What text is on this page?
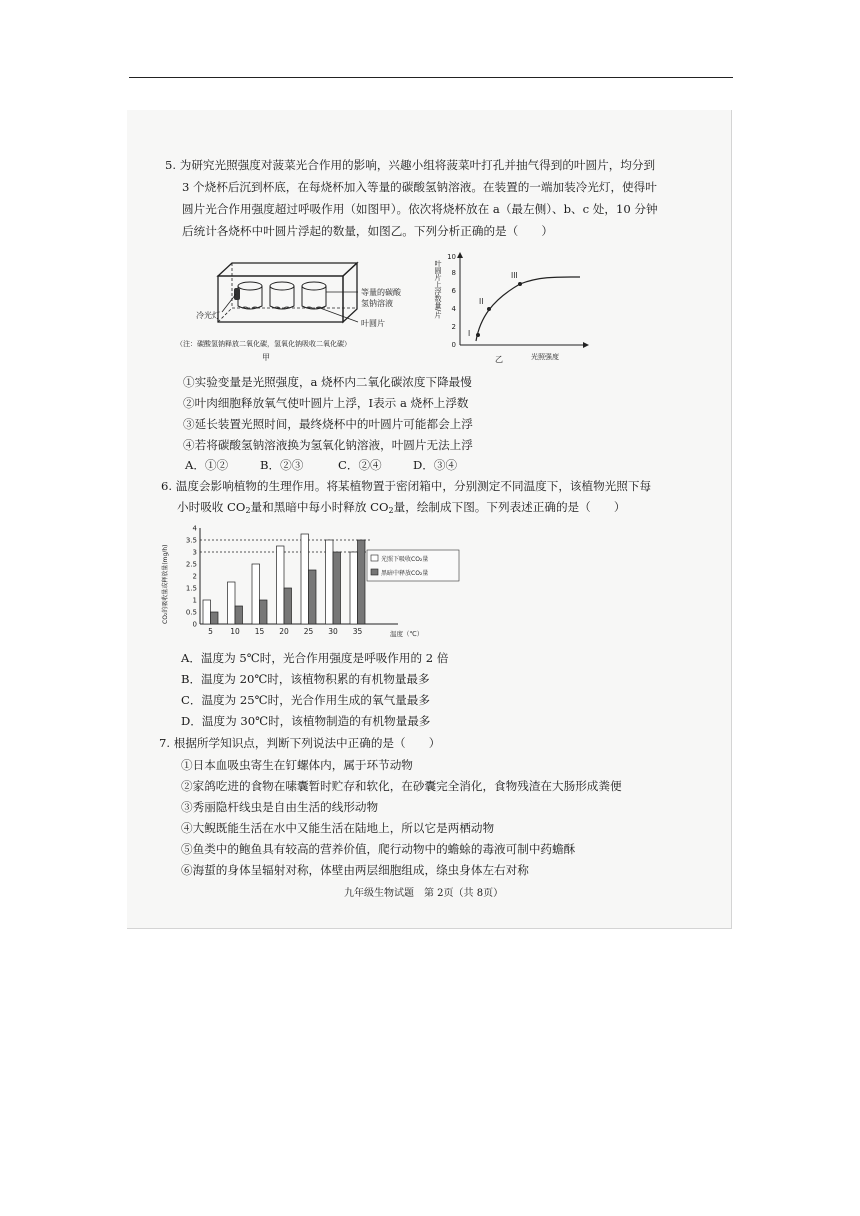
5. 为研究光照强度对菠菜光合作用的影响，兴趣小组将菠菜叶打孔并抽气得到的叶圆片，均分到
3 个烧杯后沉到杯底，在每烧杯加入等量的碳酸氢钠溶液。在装置的一端加装冷光灯，使得叶
圆片光合作用强度超过呼吸作用（如图甲）。依次将烧杯放在 a（最左侧）、b、c 处，10 分钟
后统计各烧杯中叶圆片浮起的数量，如图乙。下列分析正确的是（　　）
冷光灯
等量的碳酸
氢钠溶液
叶圆片
（注：碳酸氢钠释放二氧化碳，氢氧化钠吸收二氧化碳）
甲
0
2
4
6
8
10
I
II
III
光照强度
叶圆片上浮数量/片
乙
①实验变量是光照强度，a 烧杯内二氧化碳浓度下降最慢
②叶肉细胞释放氧气使叶圆片上浮，Ⅰ表示 a 烧杯上浮数
③延长装置光照时间，最终烧杯中的叶圆片可能都会上浮
④若将碳酸氢钠溶液换为氢氧化钠溶液，叶圆片无法上浮
A．①②	B．②③	C．②④	D．③④
6. 温度会影响植物的生理作用。将某植物置于密闭箱中，分别测定不同温度下，该植物光照下每
小时吸收 $CO_2$量和黑暗中每小时释放 $CO_2$量，绘制成下图。下列表述正确的是（　　）
CO₂的吸收量或释放量(mg/h)
温度（℃）
光照下吸收CO₂量
黑暗中释放CO₂量
0
0.5
1
1.5
2
2.5
3
3.5
4
5 10 15 20 25 30 35
A．温度为 5℃时，光合作用强度是呼吸作用的 2 倍
B．温度为 20℃时，该植物积累的有机物量最多
C．温度为 25℃时，光合作用生成的氧气量最多
D．温度为 30℃时，该植物制造的有机物量最多
7. 根据所学知识点，判断下列说法中正确的是（　　）
①日本血吸虫寄生在钉螺体内，属于环节动物
②家鸽吃进的食物在嗉囊暂时贮存和软化，在砂囊完全消化，食物残渣在大肠形成粪便
③秀丽隐杆线虫是自由生活的线形动物
④大鲵既能生活在水中又能生活在陆地上，所以它是两栖动物
⑤鱼类中的鲍鱼具有较高的营养价值，爬行动物中的蟾蜍的毒液可制中药蟾酥
⑥海蜇的身体呈辐射对称，体壁由两层细胞组成，绦虫身体左右对称
九年级生物试题　第 2页（共 8页）
